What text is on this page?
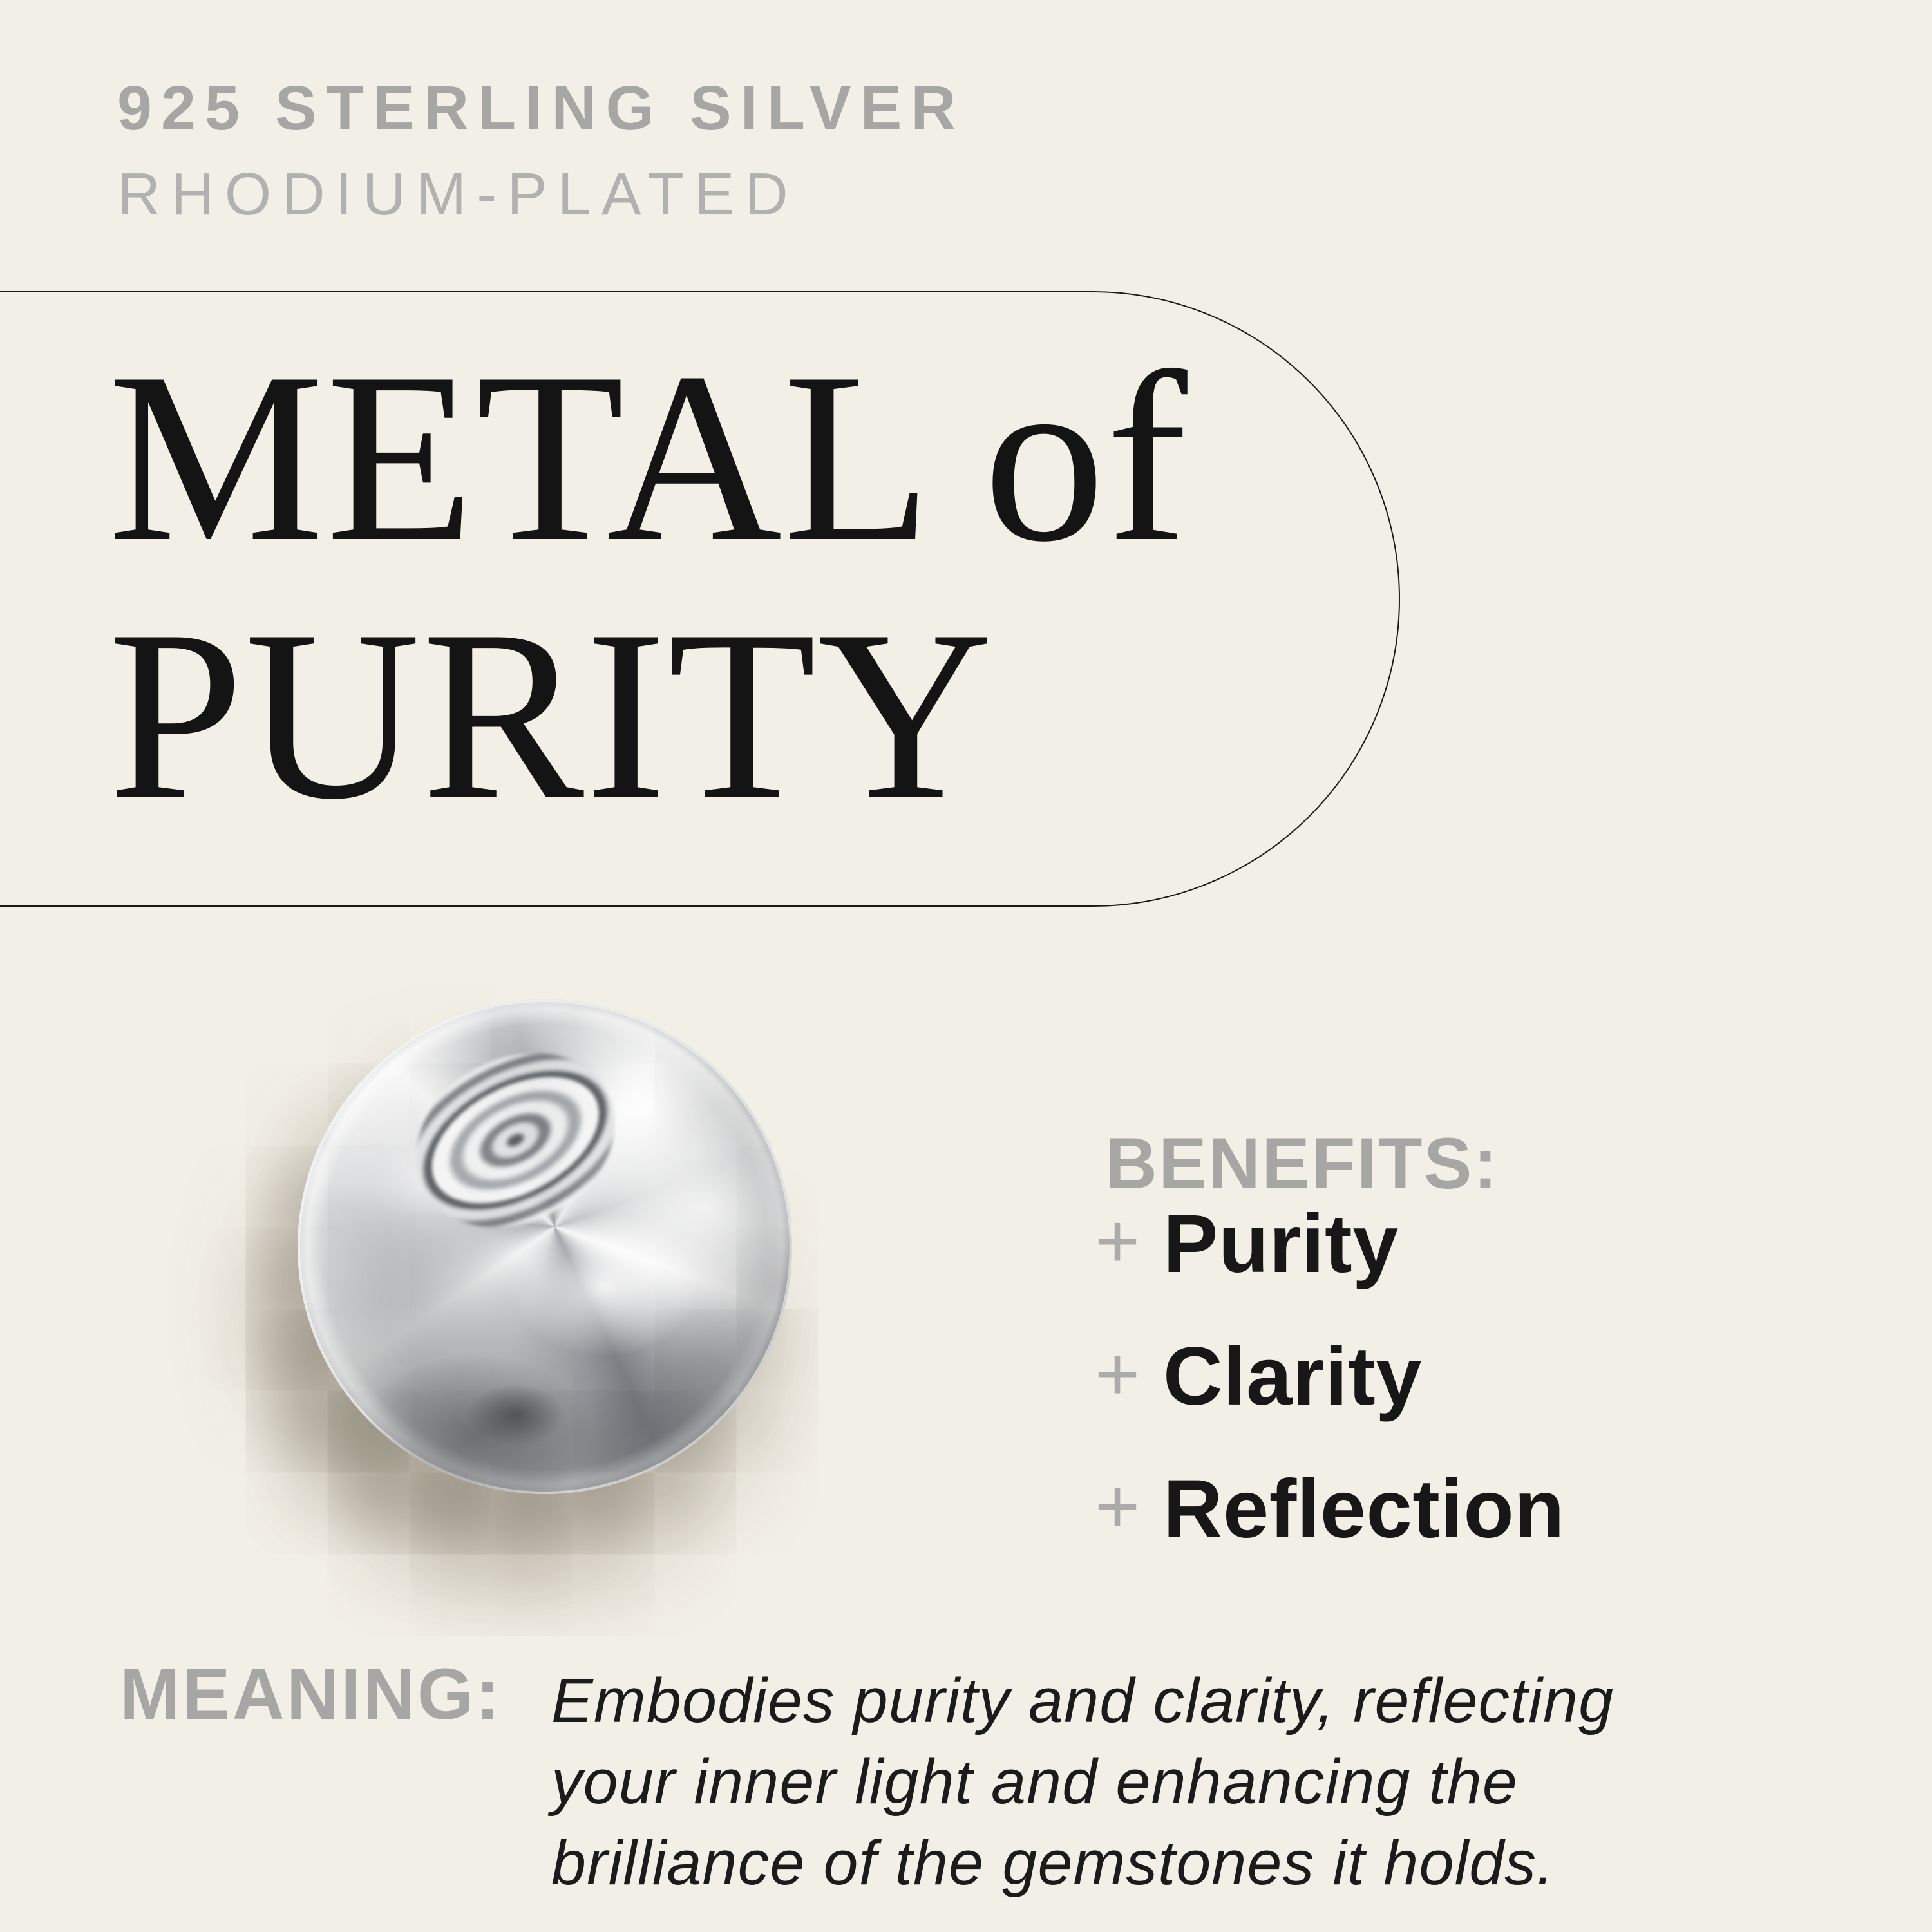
925 STERLING SILVER
RHODIUM-PLATED
METAL of
PURITY
BENEFITS:
+ Purity
+ Clarity
+ Reflection
MEANING: Embodies purity and clarity, reflecting
your inner light and enhancing the
brilliance of the gemstones it holds.
